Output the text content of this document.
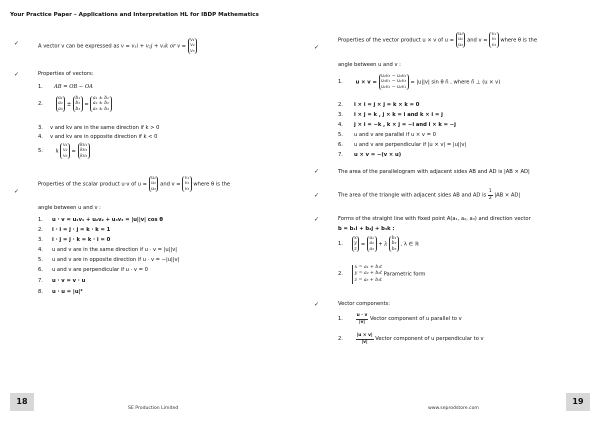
Your Practice Paper – Applications and Interpretation HL for IBDP Mathematics
✓	A vector v can be expressed as v = v₁i + v₂j + v₃k or v = v₁
v₂
v₃
✓	Properties of vectors:
1. AB = OB − OA
2. a₁
a₂
a₃ ± b₁
b₂
b₃ = a₁ ± b₁
a₂ ± b₂
a₃ ± b₃
3. v and kv are in the same direction if k > 0
4. v and kv are in opposite direction if k < 0
5. k v₁
v₂
v₃ = kv₁
kv₂
kv₃
✓
Properties of the scalar product u·v of u = u₁
u₂
u₃ and v = v₁
v₂
v₃ where θ is the
angle between u and v :
1. u · v = u₁v₁ + u₂v₂ + u₃v₃ = |u||v| cos θ
2. i · i = j · j = k · k = 1
3. i · j = j · k = k · i = 0
4. u and v are in the same direction if u · v = |u||v|
5. u and v are in opposite direction if u · v = −|u||v|
6. u and v are perpendicular if u · v = 0
7. u · v = v · u
8. u · u = |u|²
18
SE Production Limited
✓
Properties of the vector product u × v of u = u₁
u₂
u₃ and v = v₁
v₂
v₃ where θ is the
angle between u and v :
1. u × v = u₂v₃ − u₃v₂
u₃v₁ − u₁v₃
u₁v₂ − u₂v₁ = |u||v| sin θ n̂ , where n̂ ⊥ (u × v)
2. i × i = j × j = k × k = 0
3. i × j = k , j × k = i and k × i = j
4. j × i = −k , k × j = −i and i × k = −j
5. u and v are parallel if u × v = 0
6. u and v are perpendicular if |u × v| = |u||v|
7. u × v = −(v × u)
✓	The area of the parallelogram with adjacent sides AB and AD is |AB × AD|
✓	The area of the triangle with adjacent sides AB and AD is $\frac{1}{2} |AB \times AD|$
✓	Forms of the straight line with fixed point A(a₁, a₂, a₃) and direction vector
b = b₁i + b₂j + b₃k :
1. x
y
z = a₁
a₂
a₃ + λ b₁
b₂
b₃ , λ ∈ ℝ
2. x = a₁ + b₁t
y = a₂ + b₂t
z = a₃ + b₃t Parametric form
✓	Vector components:
1.	$\frac{u \cdot v}{|v|}$ Vector component of u parallel to v
2.	$\frac{|u \times v|}{|v|}$ Vector component of u perpendicular to v
19
www.seprodstore.com
